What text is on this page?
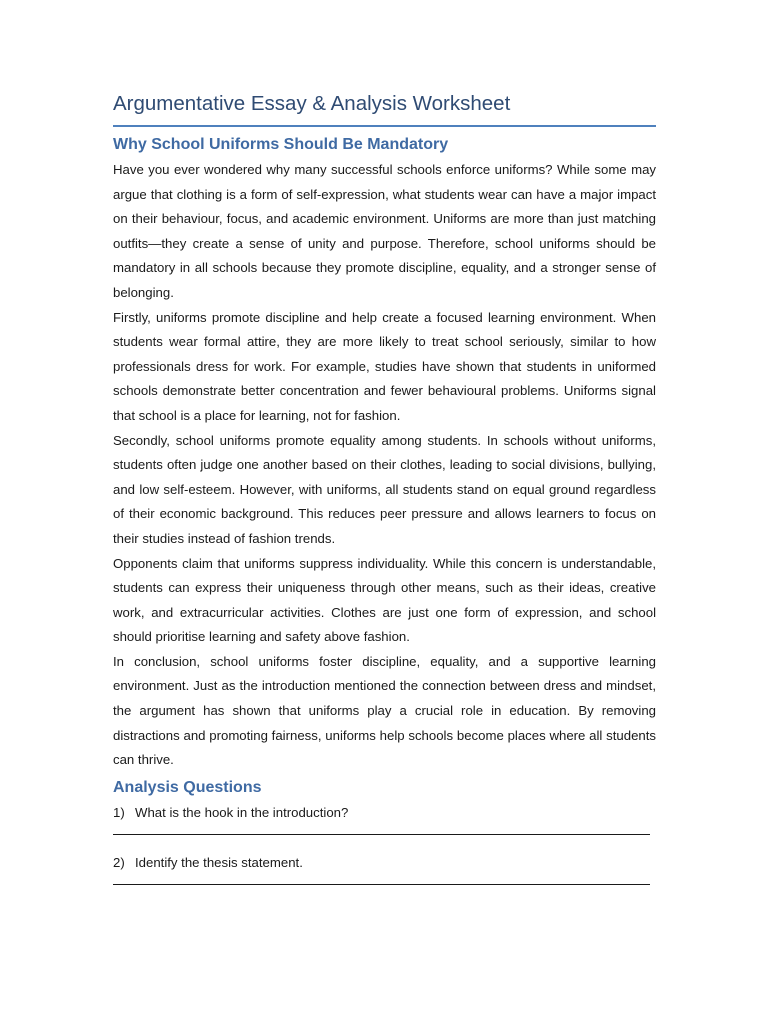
Argumentative Essay & Analysis Worksheet
Why School Uniforms Should Be Mandatory

Have you ever wondered why many successful schools enforce uniforms? While some may argue that clothing is a form of self-expression, what students wear can have a major impact on their behaviour, focus, and academic environment. Uniforms are more than just matching outfits—they create a sense of unity and purpose. Therefore, school uniforms should be mandatory in all schools because they promote discipline, equality, and a stronger sense of belonging.

Firstly, uniforms promote discipline and help create a focused learning environment. When students wear formal attire, they are more likely to treat school seriously, similar to how professionals dress for work. For example, studies have shown that students in uniformed schools demonstrate better concentration and fewer behavioural problems. Uniforms signal that school is a place for learning, not for fashion.

Secondly, school uniforms promote equality among students. In schools without uniforms, students often judge one another based on their clothes, leading to social divisions, bullying, and low self-esteem. However, with uniforms, all students stand on equal ground regardless of their economic background. This reduces peer pressure and allows learners to focus on their studies instead of fashion trends.

Opponents claim that uniforms suppress individuality. While this concern is understandable, students can express their uniqueness through other means, such as their ideas, creative work, and extracurricular activities. Clothes are just one form of expression, and school should prioritise learning and safety above fashion.

In conclusion, school uniforms foster discipline, equality, and a supportive learning environment. Just as the introduction mentioned the connection between dress and mindset, the argument has shown that uniforms play a crucial role in education. By removing distractions and promoting fairness, uniforms help schools become places where all students can thrive.

Analysis Questions
1) What is the hook in the introduction?
2) Identify the thesis statement.
